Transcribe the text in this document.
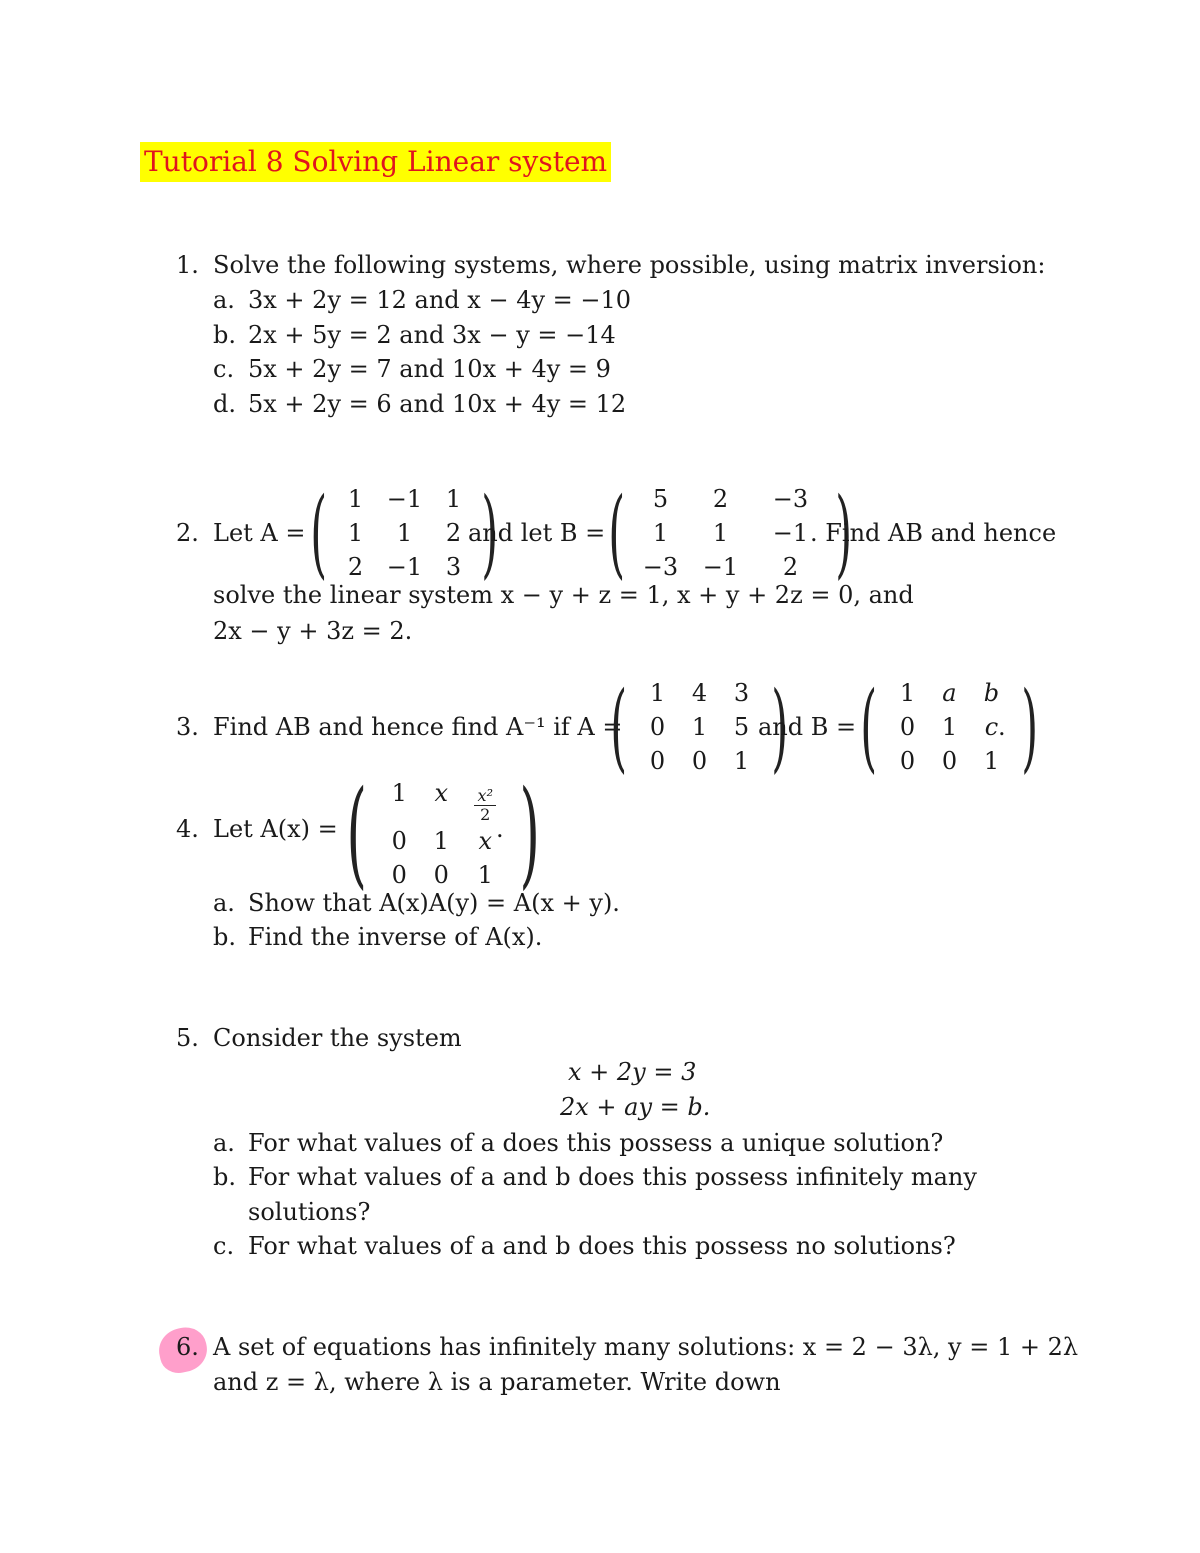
Tutorial 8 Solving Linear system
1. Solve the following systems, where possible, using matrix inversion:
a. 3x + 2y = 12 and x − 4y = −10
b. 2x + 5y = 2 and 3x − y = −14
c. 5x + 2y = 7 and 10x + 4y = 9
d. 5x + 2y = 6 and 10x + 4y = 12
2. Let A = ( 1 −1 1
1	1	2
2 −1 3 )
and let B = (	5	2	−3
1	1	−1
−3	−1	2 )
. Find AB and hence
solve the linear system x − y + z = 1, x + y + 2z = 0, and
2x − y + 3z = 2.
3. Find AB and hence find A⁻¹ if A =
( 1	4	3
0	1	5
0	0	1 )
and B = ( 1	a	b
0	1	c
0	0	1 )
.
4. Let A(x) = (	1	x	$\frac{\text{x²}}{2}$
0	1	x
0	0	1 )
.
a. Show that A(x)A(y) = A(x + y).
b. Find the inverse of A(x).
5. Consider the system
x + 2y = 3
2x + ay = b.
a. For what values of a does this possess a unique solution?
b. For what values of a and b does this possess infinitely many
solutions?
c. For what values of a and b does this possess no solutions?
6. A set of equations has infinitely many solutions: x = 2 − 3λ, y = 1 + 2λ
and z = λ, where λ is a parameter. Write down
